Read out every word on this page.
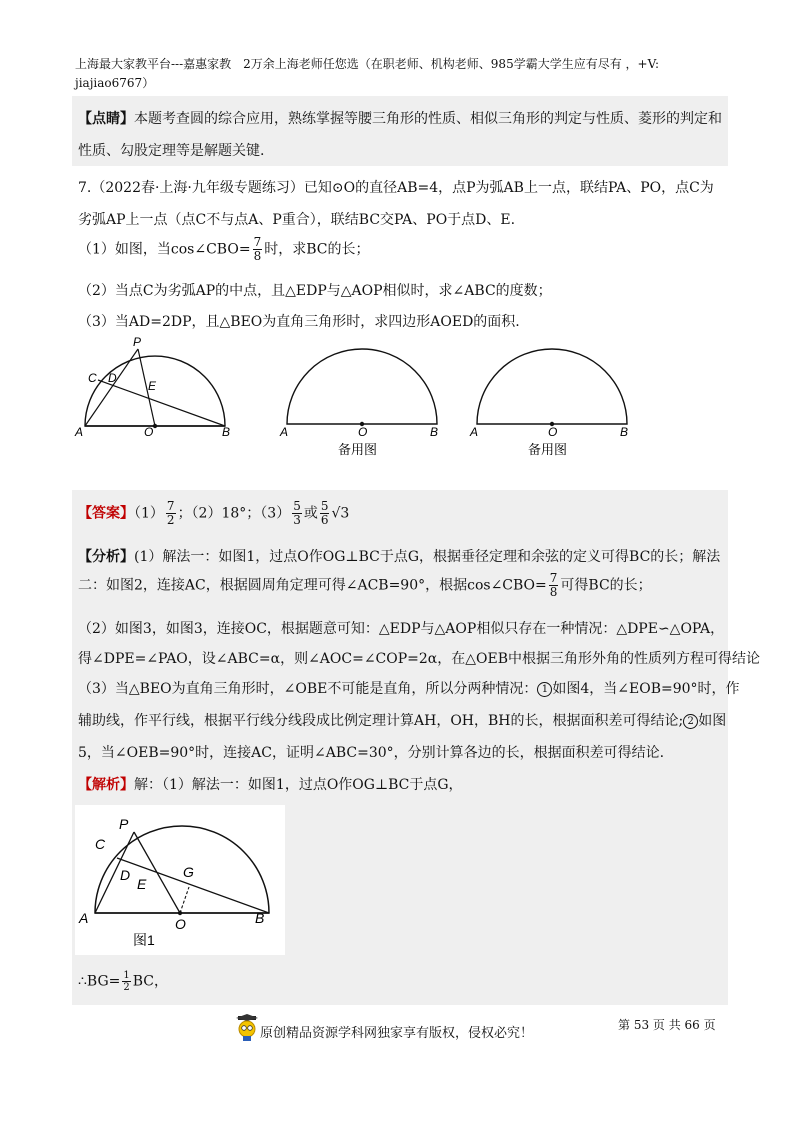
上海最大家教平台---嘉惠家教　2万余上海老师任您选（在职老师、机构老师、985学霸大学生应有尽有 ，+V:
jiajiao6767）
【点睛】本题考查圆的综合应用，熟练掌握等腰三角形的性质、相似三角形的判定与性质、菱形的判定和
性质、勾股定理等是解题关键.
7.（2022春·上海·九年级专题练习）已知⊙O的直径AB=4，点P为弧AB上一点，联结PA、PO，点C为
劣弧AP上一点（点C不与点A、P重合），联结BC交PA、PO于点D、E.
（1）如图，当cos∠CBO= $\frac{7}{8}$ 时，求BC的长；
（2）当点C为劣弧AP的中点，且△EDP与△AOP相似时，求∠ABC的度数；
（3）当AD=2DP，且△BEO为直角三角形时，求四边形AOED的面积.
P
C D
E
A	O	B	A	O	B
备用图
A	O	B
备用图
【答案】$(1) \frac{7}{2}$ ；（2）18°；$(3) \frac{5}{3}$ 或 $\frac{5}{6} √3$
【分析】(1）解法一：如图1，过点O作OG⊥BC于点G，根据垂径定理和余弦的定义可得BC的长；解法
二：如图2，连接AC，根据圆周角定理可得∠ACB=90°，根据cos∠CBO= $\frac{7}{8}$ 可得BC的长；
（2）如图3，如图3，连接OC，根据题意可知：△EDP与△AOP相似只存在一种情况：△DPE∽△OPA，
得∠DPE=∠PAO，设∠ABC=α，则∠AOC=∠COP=2α，在△OEB中根据三角形外角的性质列方程可得结论
（3）当△BEO为直角三角形时，∠OBE不可能是直角，所以分两种情况： 1 如图4，当∠EOB=90°时，作
辅助线，作平行线，根据平行线分线段成比例定理计算AH，OH，BH的长，根据面积差可得结论; 2 如图
5，当∠OEB=90°时，连接AC，证明∠ABC=30°，分别计算各边的长，根据面积差可得结论.
【解析】解：（1）解法一：如图1，过点O作OG⊥BC于点G，
P
C
D
E
G
A	O	B
图1
∴BG= $\frac{1}{2}$ BC，
第 53 页 共 66 页
原创精品资源学科网独家享有版权，侵权必究！
